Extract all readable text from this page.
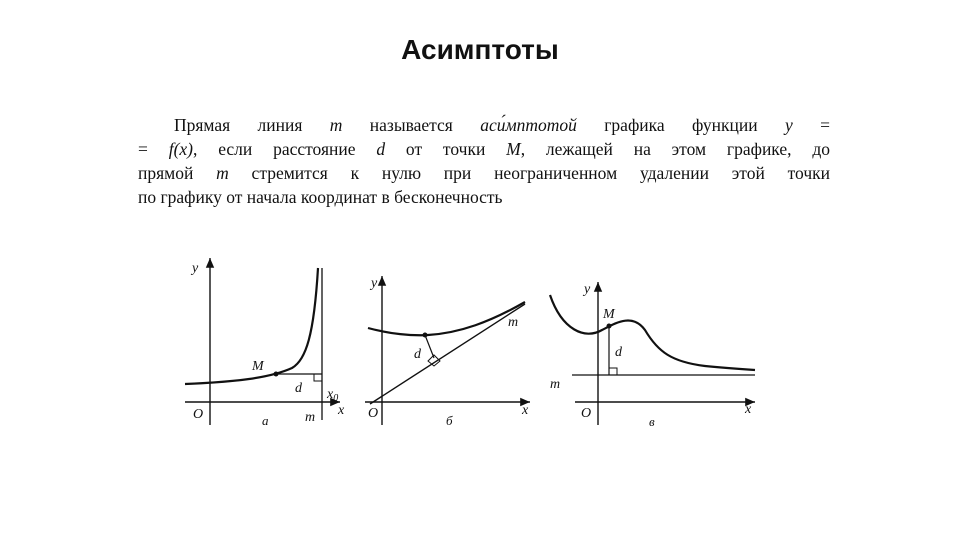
Асимптоты
Прямая линия m называется аси́мптотой графика функции y =
= f(x), если расстояние d от точки M, лежащей на этом графике, до
прямой m стремится к нулю при неограниченном удалении этой точки
по графику от начала координат в бесконечность
y
O
M
d $x_0$
m x
а
y
O
d
m
x
б
y
M
d
m
O	x
в
